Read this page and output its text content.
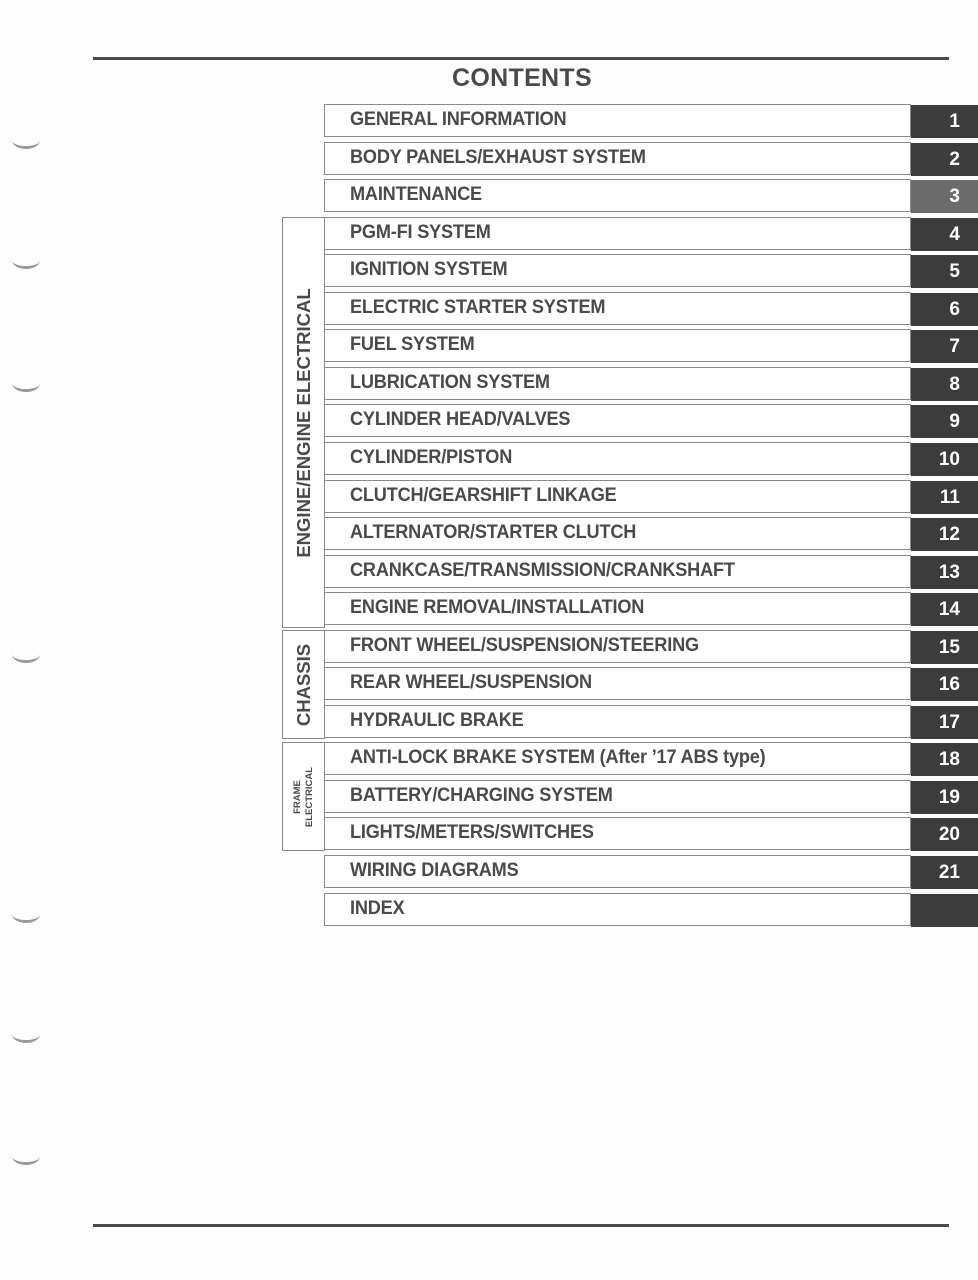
CONTENTS
ENGINE/ENGINE ELECTRICAL
CHASSIS
FRAME ELECTRICAL
GENERAL INFORMATION	1
BODY PANELS/EXHAUST SYSTEM	2
MAINTENANCE	3
PGM-FI SYSTEM	4
IGNITION SYSTEM	5
ELECTRIC STARTER SYSTEM	6
FUEL SYSTEM	7
LUBRICATION SYSTEM	8
CYLINDER HEAD/VALVES	9
CYLINDER/PISTON	10
CLUTCH/GEARSHIFT LINKAGE	11
ALTERNATOR/STARTER CLUTCH	12
CRANKCASE/TRANSMISSION/CRANKSHAFT	13
ENGINE REMOVAL/INSTALLATION	14
FRONT WHEEL/SUSPENSION/STEERING	15
REAR WHEEL/SUSPENSION	16
HYDRAULIC BRAKE	17
ANTI-LOCK BRAKE SYSTEM (After ’17 ABS type)	18
BATTERY/CHARGING SYSTEM	19
LIGHTS/METERS/SWITCHES	20
WIRING DIAGRAMS	21
INDEX
